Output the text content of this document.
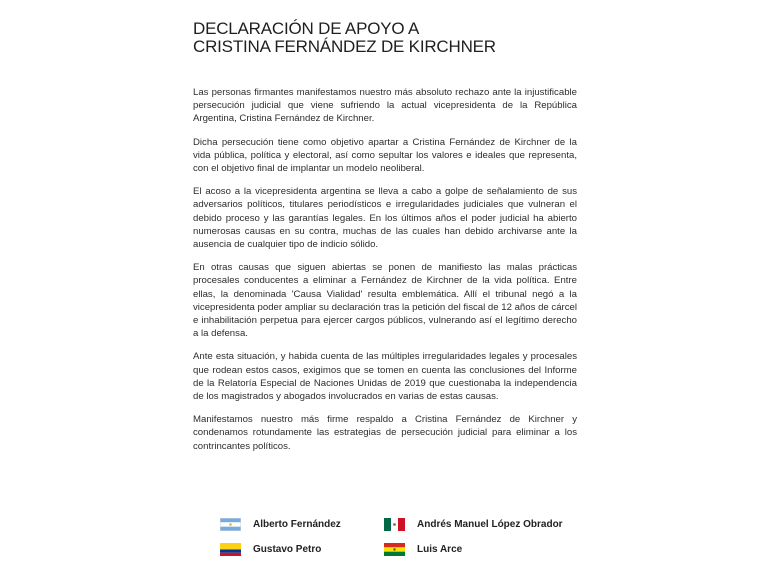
DECLARACIÓN DE APOYO A
CRISTINA FERNÁNDEZ DE KIRCHNER

Las personas firmantes manifestamos nuestro más absoluto rechazo ante la injustificable persecución judicial que viene sufriendo la actual vicepresidenta de la República Argentina, Cristina Fernández de Kirchner.

Dicha persecución tiene como objetivo apartar a Cristina Fernández de Kirchner de la vida pública, política y electoral, así como sepultar los valores e ideales que representa, con el objetivo final de implantar un modelo neoliberal.

El acoso a la vicepresidenta argentina se lleva a cabo a golpe de señalamiento de sus adversarios políticos, titulares periodísticos e irregularidades judiciales que vulneran el debido proceso y las garantías legales. En los últimos años el poder judicial ha abierto numerosas causas en su contra, muchas de las cuales han debido archivarse ante la ausencia de cualquier tipo de indicio sólido.

En otras causas que siguen abiertas se ponen de manifiesto las malas prácticas procesales conducentes a eliminar a Fernández de Kirchner de la vida política. Entre ellas, la denominada 'Causa Vialidad' resulta emblemática. Allí el tribunal negó a la vicepresidenta poder ampliar su declaración tras la petición del fiscal de 12 años de cárcel e inhabilitación perpetua para ejercer cargos públicos, vulnerando así el legítimo derecho a la defensa.

Ante esta situación, y habida cuenta de las múltiples irregularidades legales y procesales que rodean estos casos, exigimos que se tomen en cuenta las conclusiones del Informe de la Relatoría Especial de Naciones Unidas de 2019 que cuestionaba la independencia de los magistrados y abogados involucrados en varias de estas causas.

Manifestamos nuestro más firme respaldo a Cristina Fernández de Kirchner y condenamos rotundamente las estrategias de persecución judicial para eliminar a los contrincantes políticos.

Alberto Fernández	Andrés Manuel López Obrador
Gustavo Petro	Luis Arce
